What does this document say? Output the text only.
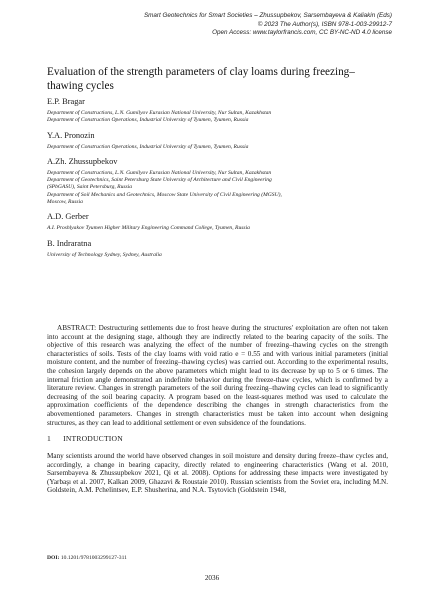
Smart Geotechnics for Smart Societies – Zhussupbekov, Sarsembayeva & Kaliakin (Eds)
© 2023 The Author(s), ISBN 978-1-003-29912-7
Open Access: www.taylorfrancis.com, CC BY-NC-ND 4.0 license
Evaluation of the strength parameters of clay loams during freezing–thawing cycles
E.P. Bragar
Department of Constructions, L.N. Gumilyov Eurasian National University, Nur Sultan, Kazakhstan
Department of Construction Operations, Industrial University of Tyumen, Tyumen, Russia
Y.A. Pronozin
Department of Construction Operations, Industrial University of Tyumen, Tyumen, Russia
A.Zh. Zhussupbekov
Department of Constructions, L.N. Gumilyov Eurasian National University, Nur Sultan, Kazakhstan
Department of Geotechnics, Saint Petersburg State University of Architecture and Civil Engineering
(SPbGASU), Saint Petersburg, Russia
Department of Soil Mechanics and Geotechnics, Moscow State University of Civil Engineering (MGSU),
Moscow, Russia
A.D. Gerber
A.I. Proshlyakov Tyumen Higher Military Engineering Command College, Tyumen, Russia
B. Indraratna
University of Technology Sydney, Sydney, Australia

ABSTRACT: Destructuring settlements due to frost heave during the structures' exploitation are often not taken into account at the designing stage, although they are indirectly related to the bearing capacity of the soils. The objective of this research was analyzing the effect of the number of freezing–thawing cycles on the strength characteristics of soils. Tests of the clay loams with void ratio e = 0.55 and with various initial parameters (initial moisture content, and the number of freezing–thawing cycles) was carried out. According to the experimental results, the cohesion largely depends on the above parameters which might lead to its decrease by up to 5 or 6 times. The internal friction angle demonstrated an indefinite behavior during the freeze-thaw cycles, which is confirmed by a literature review. Changes in strength parameters of the soil during freezing–thawing cycles can lead to significantly decreasing of the soil bearing capacity. A program based on the least-squares method was used to calculate the approximation coefficients of the dependence describing the changes in strength characteristics from the abovementioned parameters. Changes in strength characteristics must be taken into account when designing structures, as they can lead to additional settlement or even subsidence of the foundations.

1 INTRODUCTION

Many scientists around the world have observed changes in soil moisture and density during freeze–thaw cycles and, accordingly, a change in bearing capacity, directly related to engineering characteristics (Wang et al. 2010, Sarsembayeva & Zhussupbekov 2021, Qi et al. 2008). Options for addressing these impacts were investigated by (Yarbaşı et al. 2007, Kalkan 2009, Ghazavi & Roustaie 2010). Russian scientists from the Soviet era, including M.N. Goldstein, A.M. Pchelintsev, E.P. Shusherina, and N.A. Tsytovich (Goldstein 1948,

DOI: 10.1201/9781003299127-311
2036
